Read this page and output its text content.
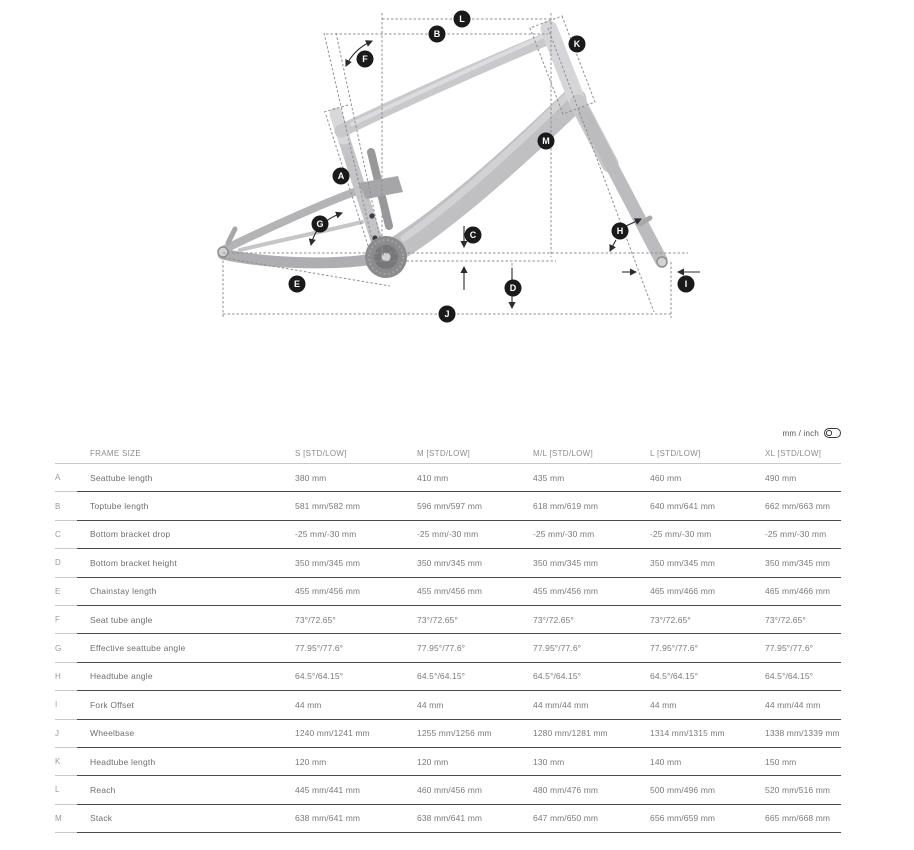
A
B
C
D
E
F
G
H
I
J
K
L
M
mm / inch
FRAME SIZE	S [STD/LOW]	M [STD/LOW]	M/L [STD/LOW]	L [STD/LOW]	XL [STD/LOW]
A	Seattube length	380 mm	410 mm	435 mm	460 mm	490 mm
B	Toptube length	581 mm/582 mm	596 mm/597 mm	618 mm/619 mm	640 mm/641 mm	662 mm/663 mm
C	Bottom bracket drop	-25 mm/-30 mm	-25 mm/-30 mm	-25 mm/-30 mm	-25 mm/-30 mm	-25 mm/-30 mm
D	Bottom bracket height	350 mm/345 mm	350 mm/345 mm	350 mm/345 mm	350 mm/345 mm	350 mm/345 mm
E	Chainstay length	455 mm/456 mm	455 mm/456 mm	455 mm/456 mm	465 mm/466 mm	465 mm/466 mm
F	Seat tube angle	73°/72.65°	73°/72.65°	73°/72.65°	73°/72.65°	73°/72.65°
G	Effective seattube angle	77.95°/77.6°	77.95°/77.6°	77.95°/77.6°	77.95°/77.6°	77.95°/77.6°
H	Headtube angle	64.5°/64.15°	64.5°/64.15°	64.5°/64.15°	64.5°/64.15°	64.5°/64.15°
I	Fork Offset	44 mm	44 mm	44 mm/44 mm	44 mm	44 mm/44 mm
J	Wheelbase	1240 mm/1241 mm	1255 mm/1256 mm	1280 mm/1281 mm	1314 mm/1315 mm	1338 mm/1339 mm
K	Headtube length	120 mm	120 mm	130 mm	140 mm	150 mm
L	Reach	445 mm/441 mm	460 mm/456 mm	480 mm/476 mm	500 mm/496 mm	520 mm/516 mm
M	Stack	638 mm/641 mm	638 mm/641 mm	647 mm/650 mm	656 mm/659 mm	665 mm/668 mm
